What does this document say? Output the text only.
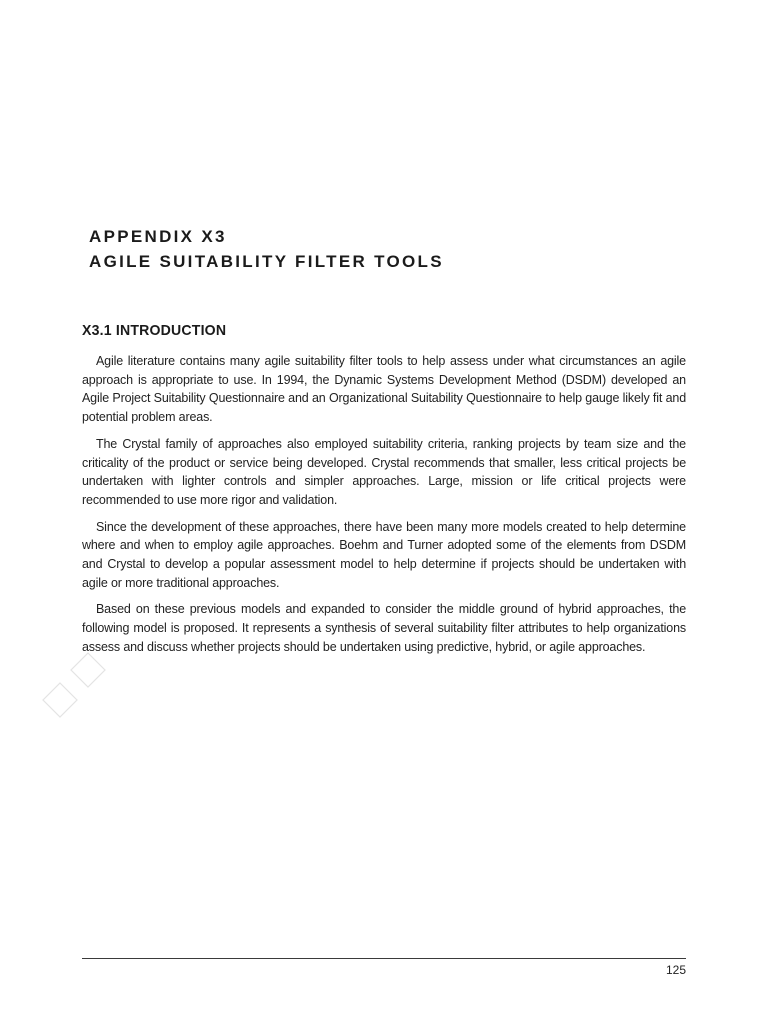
APPENDIX X3
AGILE SUITABILITY FILTER TOOLS
X3.1 INTRODUCTION

Agile literature contains many agile suitability filter tools to help assess under what circumstances an agile approach is appropriate to use. In 1994, the Dynamic Systems Development Method (DSDM) developed an Agile Project Suitability Questionnaire and an Organizational Suitability Questionnaire to help gauge likely fit and potential problem areas.

The Crystal family of approaches also employed suitability criteria, ranking projects by team size and the criticality of the product or service being developed. Crystal recommends that smaller, less critical projects be undertaken with lighter controls and simpler approaches. Large, mission or life critical projects were recommended to use more rigor and validation.

Since the development of these approaches, there have been many more models created to help determine where and when to employ agile approaches. Boehm and Turner adopted some of the elements from DSDM and Crystal to develop a popular assessment model to help determine if projects should be undertaken with agile or more traditional approaches.

Based on these previous models and expanded to consider the middle ground of hybrid approaches, the following model is proposed. It represents a synthesis of several suitability filter attributes to help organizations assess and discuss whether projects should be undertaken using predictive, hybrid, or agile approaches.

125
